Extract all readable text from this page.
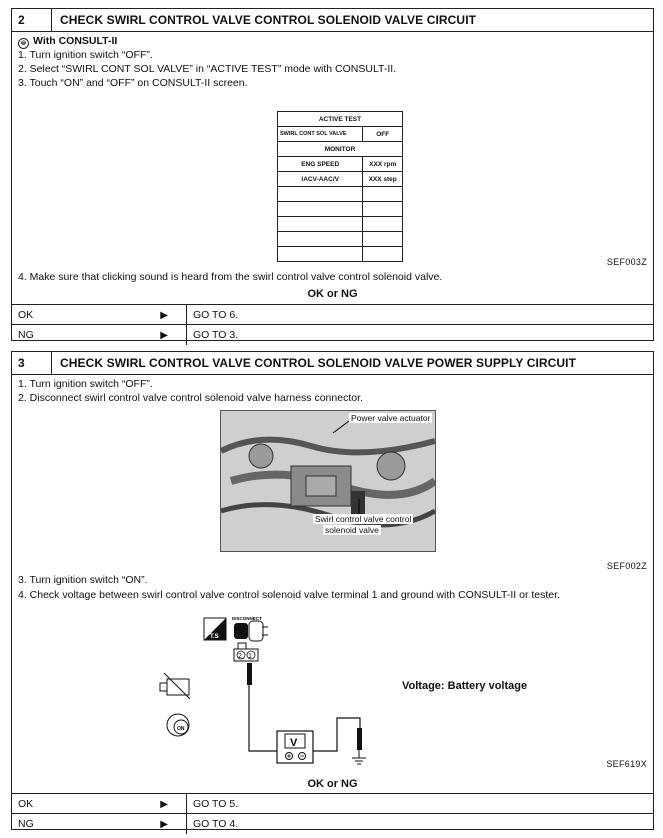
2	CHECK SWIRL CONTROL VALVE CONTROL SOLENOID VALVE CIRCUIT
⊜ With CONSULT-II
1. Turn ignition switch “OFF”.
2. Select “SWIRL CONT SOL VALVE” in “ACTIVE TEST” mode with CONSULT-II.
3. Touch “ON” and “OFF” on CONSULT-II screen.
ACTIVE TEST	
SWIRL CONT SOL VALVE	OFF
MONITOR	
ENG SPEED	XXX rpm
IACV-AAC/V	XXX step

SEF003Z
4. Make sure that clicking sound is heard from the swirl control valve control solenoid valve.
OK or NG
OK	▶	GO TO 6.
NG	▶	GO TO 3.
3	CHECK SWIRL CONTROL VALVE CONTROL SOLENOID VALVE POWER SUPPLY CIRCUIT
1. Turn ignition switch “OFF”.
2. Disconnect swirl control valve control solenoid valve harness connector.
Power valve actuator
Swirl control valve control
solenoid valve
SEF002Z
3. Turn ignition switch “ON”.
4. Check voltage between swirl control valve control solenoid valve terminal 1 and ground with CONSULT-II or tester.
T.S
DISCONNECT
2 1
V
ON
Voltage: Battery voltage
SEF619X
OK or NG
OK	▶	GO TO 5.
NG	▶	GO TO 4.
